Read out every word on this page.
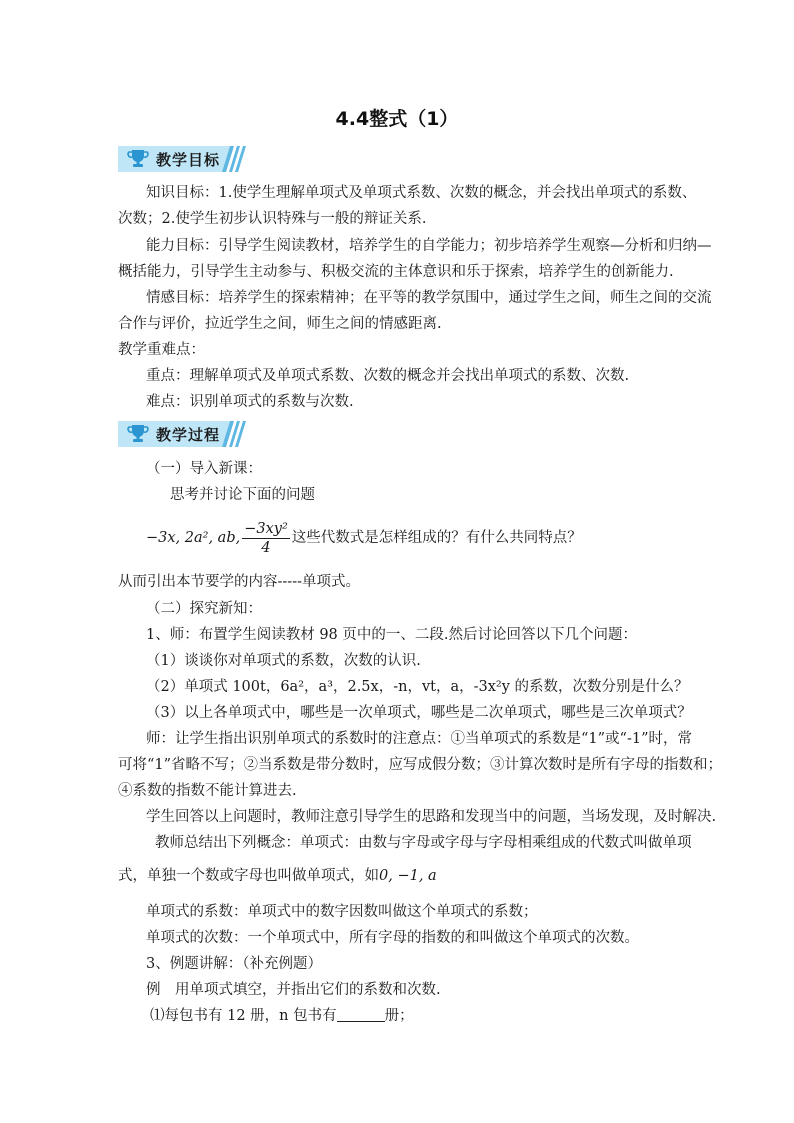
4.4整式（1）
教学目标
知识目标：1.使学生理解单项式及单项式系数、次数的概念，并会找出单项式的系数、
次数；2.使学生初步认识特殊与一般的辩证关系.
能力目标：引导学生阅读教材，培养学生的自学能力；初步培养学生观察—分析和归纳—
概括能力，引导学生主动参与、积极交流的主体意识和乐于探索，培养学生的创新能力.
情感目标：培养学生的探索精神；在平等的教学氛围中，通过学生之间，师生之间的交流
合作与评价，拉近学生之间，师生之间的情感距离.
教学重难点：
重点：理解单项式及单项式系数、次数的概念并会找出单项式的系数、次数.
难点：识别单项式的系数与次数.
教学过程
（一）导入新课：
思考并讨论下面的问题
−3x, 2a², ab, $\frac{\text{−3xy²}}{4}$ 这些代数式是怎样组成的？有什么共同特点？
从而引出本节要学的内容-----单项式。
（二）探究新知：
1、师：布置学生阅读教材 98 页中的一、二段.然后讨论回答以下几个问题：
（1）谈谈你对单项式的系数，次数的认识.
（2）单项式 100t，6a²，a³，2.5x，-n，vt，a，-3x²y 的系数，次数分别是什么？
（3）以上各单项式中，哪些是一次单项式，哪些是二次单项式，哪些是三次单项式？
师：让学生指出识别单项式的系数时的注意点：①当单项式的系数是“1”或“-1”时，常
可将“1”省略不写；②当系数是带分数时，应写成假分数；③计算次数时是所有字母的指数和；
④系数的指数不能计算进去.
学生回答以上问题时，教师注意引导学生的思路和发现当中的问题，当场发现，及时解决.
教师总结出下列概念：单项式：由数与字母或字母与字母相乘组成的代数式叫做单项
式，单独一个数或字母也叫做单项式，如0, −1, a
单项式的系数：单项式中的数字因数叫做这个单项式的系数；
单项式的次数：一个单项式中，所有字母的指数的和叫做这个单项式的次数。
3、例题讲解：（补充例题）
例　用单项式填空，并指出它们的系数和次数.
⑴每包书有 12 册，n 包书有	册；
